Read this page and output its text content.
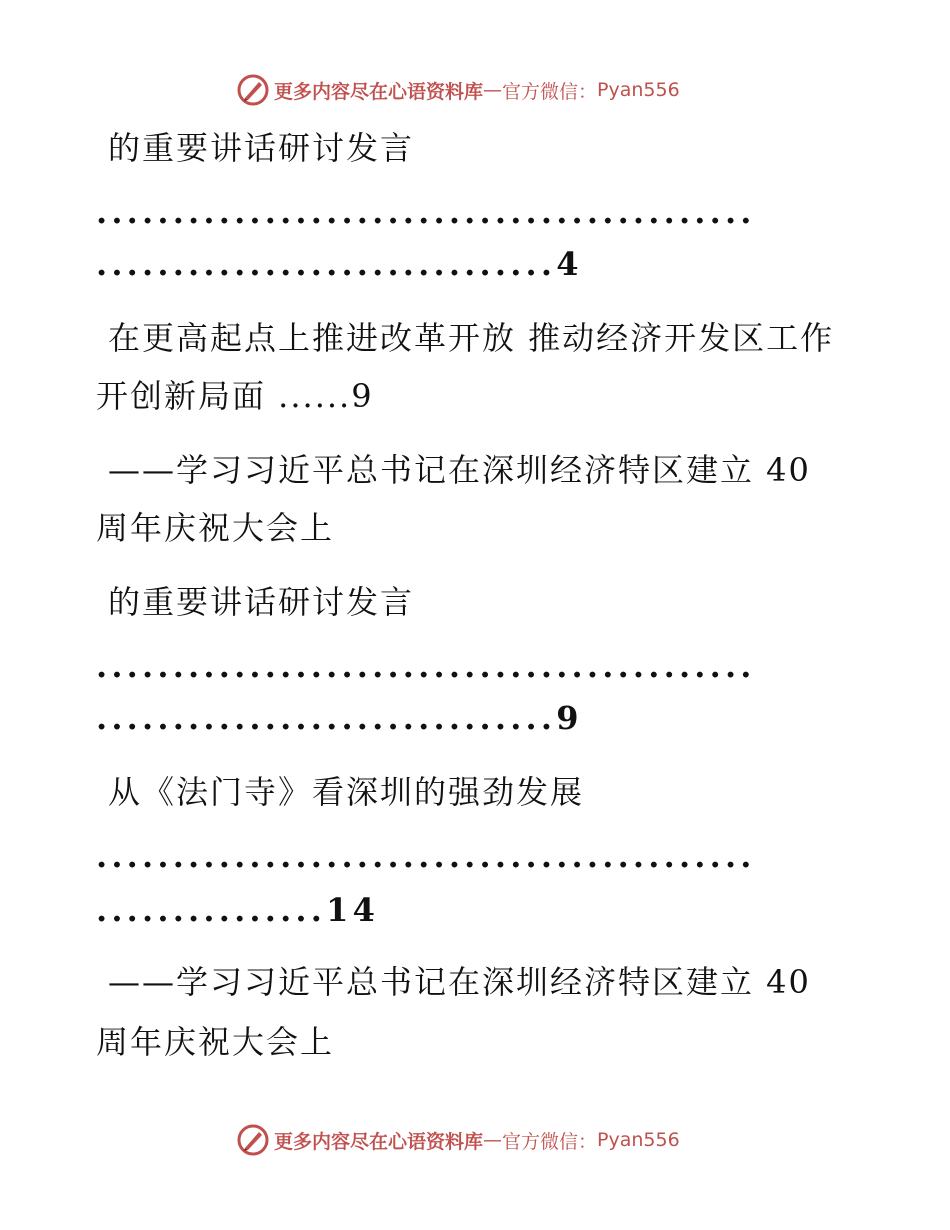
更多内容尽在心语资料库 — 官方微信： Pyan556
的重要讲话研讨发言
...........................................
..............................4
在更高起点上推进改革开放 推动经济开发区工作
开创新局面 ......9
——学习习近平总书记在深圳经济特区建立 40
周年庆祝大会上
的重要讲话研讨发言
...........................................
..............................9
从《法门寺》看深圳的强劲发展
...........................................
...............14
——学习习近平总书记在深圳经济特区建立 40
周年庆祝大会上
更多内容尽在心语资料库 — 官方微信： Pyan556
